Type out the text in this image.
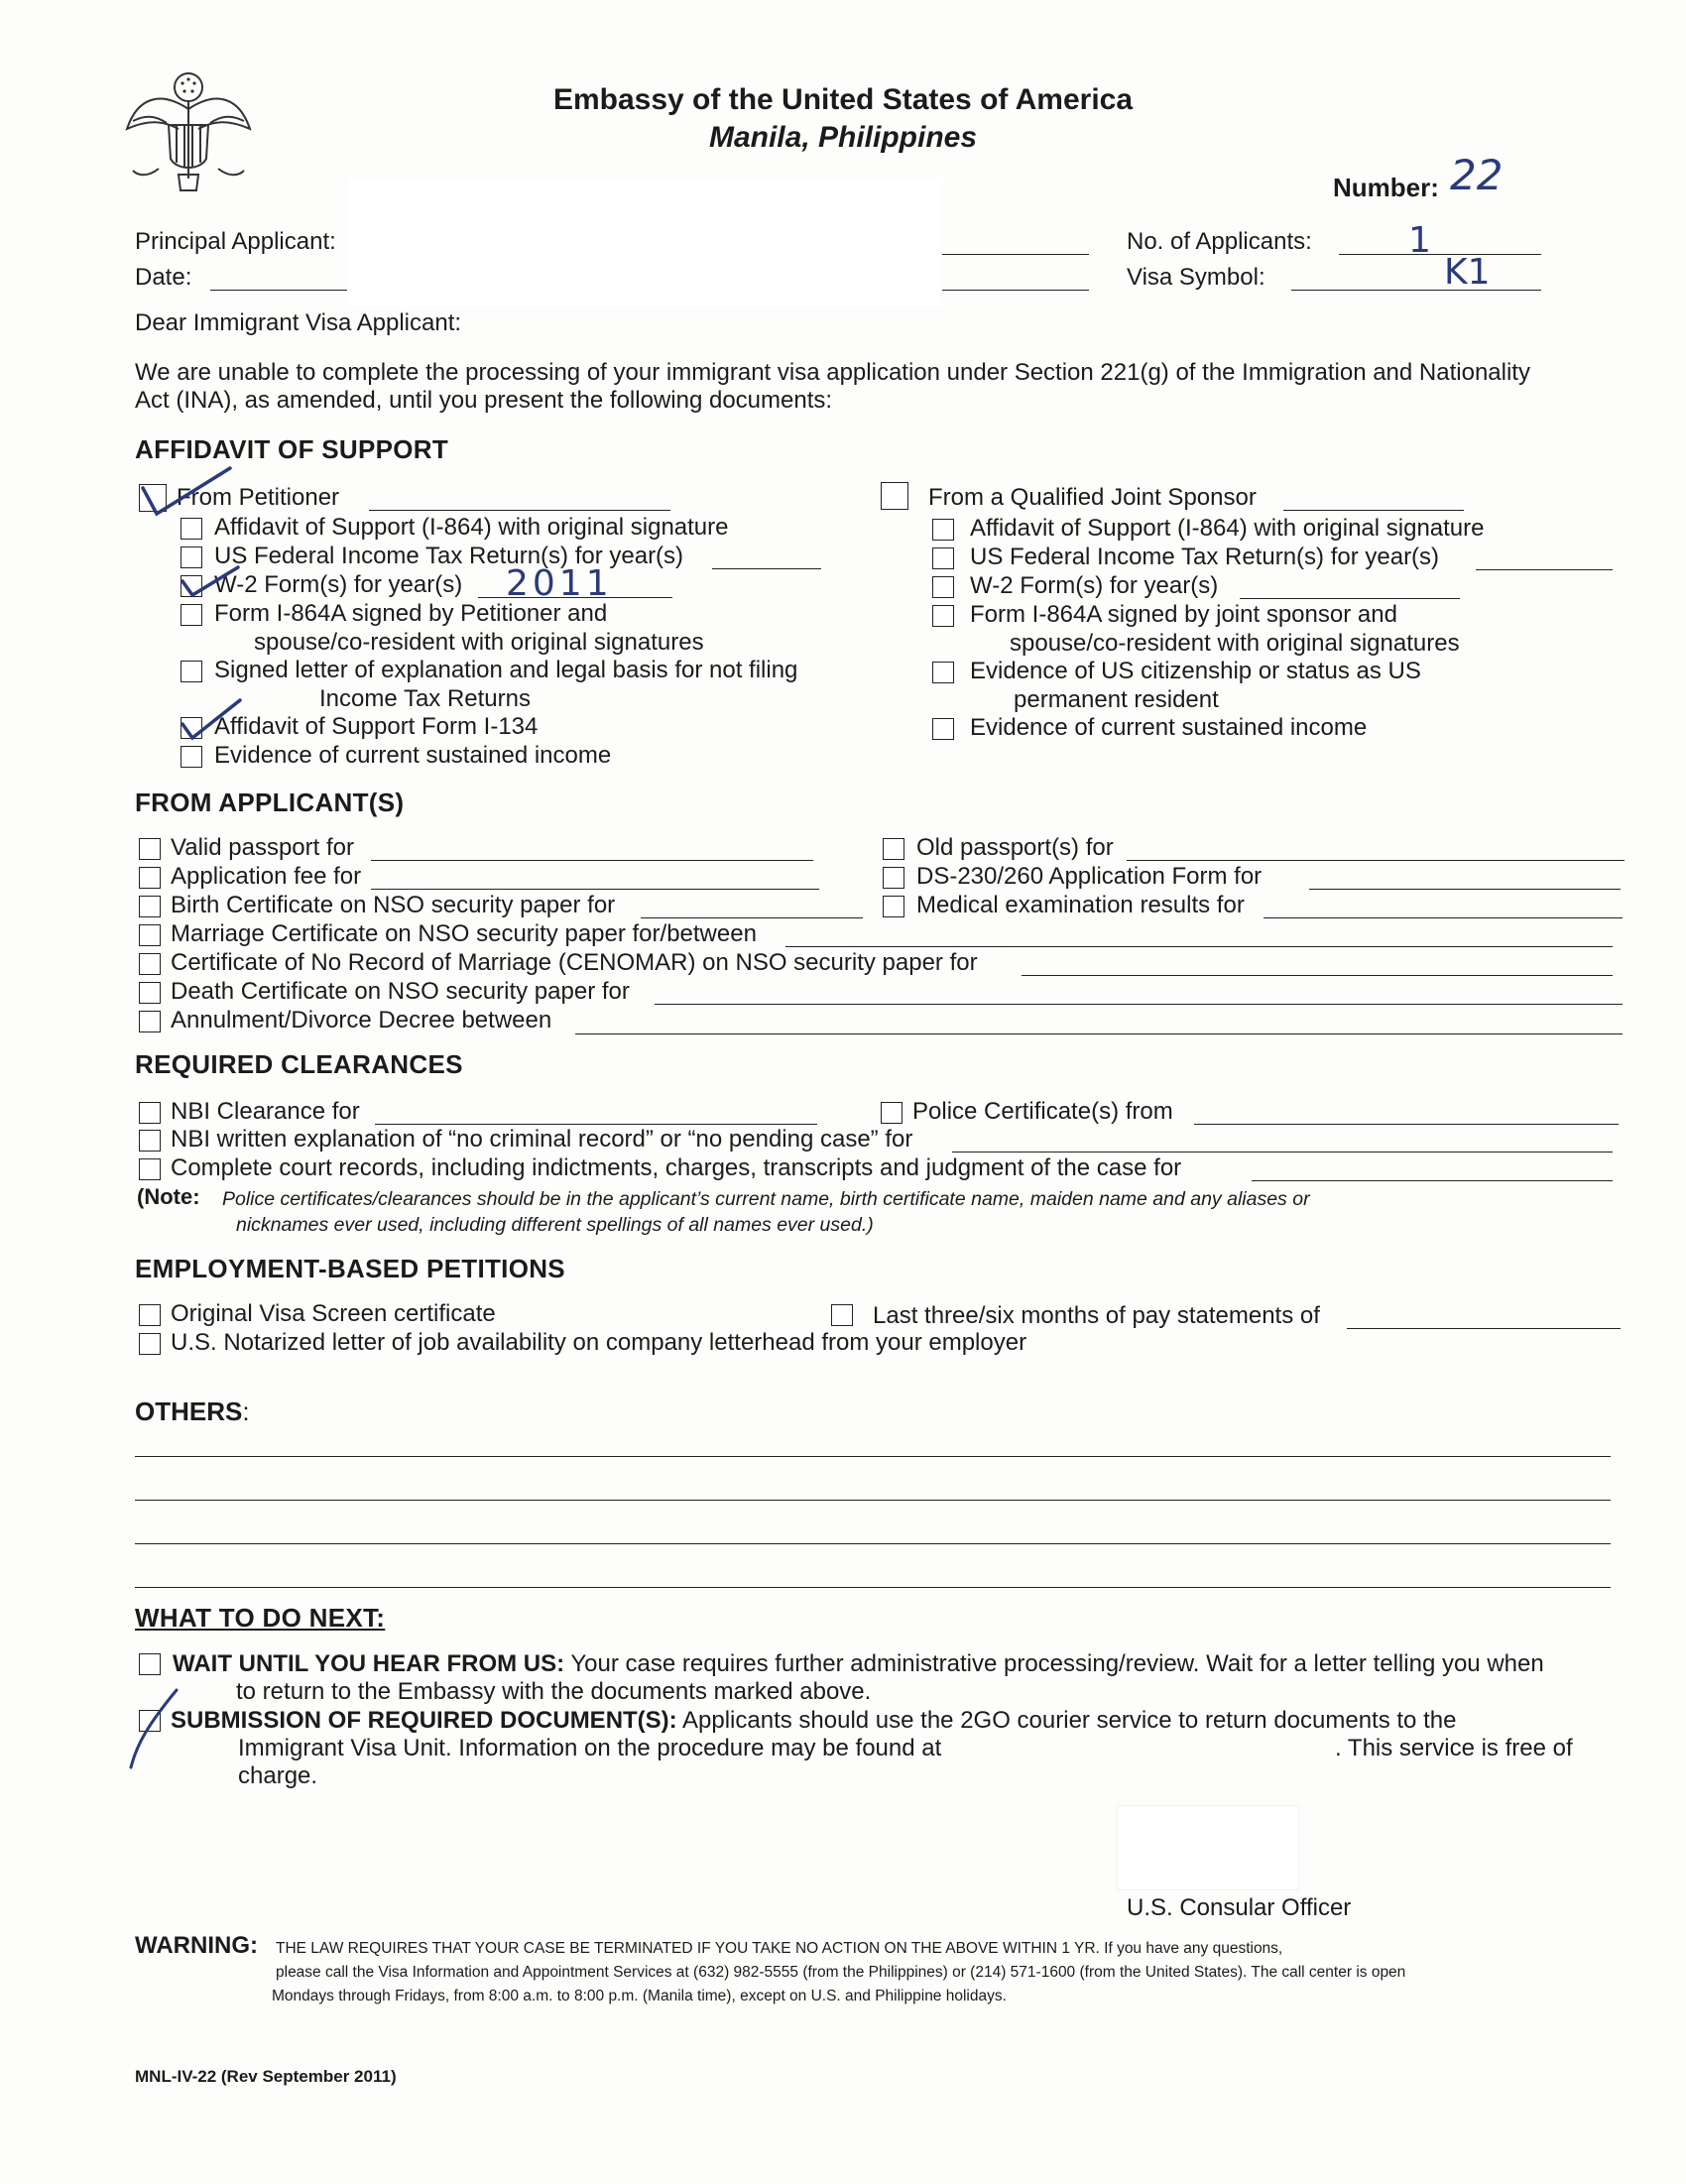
Embassy of the United States of America
Manila, Philippines
Number: 22
Principal Applicant:
Date:
No. of Applicants:	1
Visa Symbol:	K1
Dear Immigrant Visa Applicant:
We are unable to complete the processing of your immigrant visa application under Section 221(g) of the Immigration and Nationality
Act (INA), as amended, until you present the following documents:
AFFIDAVIT OF SUPPORT
From Petitioner
Affidavit of Support (I-864) with original signature
US Federal Income Tax Return(s) for year(s)
W-2 Form(s) for year(s) 2011
Form I-864A signed by Petitioner and
spouse/co-resident with original signatures
Signed letter of explanation and legal basis for not filing
Income Tax Returns
Affidavit of Support Form I-134
Evidence of current sustained income
From a Qualified Joint Sponsor
Affidavit of Support (I-864) with original signature
US Federal Income Tax Return(s) for year(s)
W-2 Form(s) for year(s)
Form I-864A signed by joint sponsor and
spouse/co-resident with original signatures
Evidence of US citizenship or status as US
permanent resident
Evidence of current sustained income
FROM APPLICANT(S)
Valid passport for
Application fee for
Birth Certificate on NSO security paper for
Old passport(s) for
DS-230/260 Application Form for
Medical examination results for
Marriage Certificate on NSO security paper for/between
Certificate of No Record of Marriage (CENOMAR) on NSO security paper for
Death Certificate on NSO security paper for
Annulment/Divorce Decree between
REQUIRED CLEARANCES
NBI Clearance for	Police Certificate(s) from
NBI written explanation of “no criminal record” or “no pending case” for
Complete court records, including indictments, charges, transcripts and judgment of the case for
(Note: Police certificates/clearances should be in the applicant’s current name, birth certificate name, maiden name and any aliases or
nicknames ever used, including different spellings of all names ever used.)
EMPLOYMENT-BASED PETITIONS
Original Visa Screen certificate	Last three/six months of pay statements of
U.S. Notarized letter of job availability on company letterhead from your employer
OTHERS:
WHAT TO DO NEXT:
WAIT UNTIL YOU HEAR FROM US: Your case requires further administrative processing/review. Wait for a letter telling you when
to return to the Embassy with the documents marked above.
SUBMISSION OF REQUIRED DOCUMENT(S): Applicants should use the 2GO courier service to return documents to the
Immigrant Visa Unit. Information on the procedure may be found at	. This service is free of
charge.
U.S. Consular Officer
WARNING: THE LAW REQUIRES THAT YOUR CASE BE TERMINATED IF YOU TAKE NO ACTION ON THE ABOVE WITHIN 1 YR. If you have any questions,
please call the Visa Information and Appointment Services at (632) 982-5555 (from the Philippines) or (214) 571-1600 (from the United States). The call center is open
Mondays through Fridays, from 8:00 a.m. to 8:00 p.m. (Manila time), except on U.S. and Philippine holidays.
MNL-IV-22 (Rev September 2011)
